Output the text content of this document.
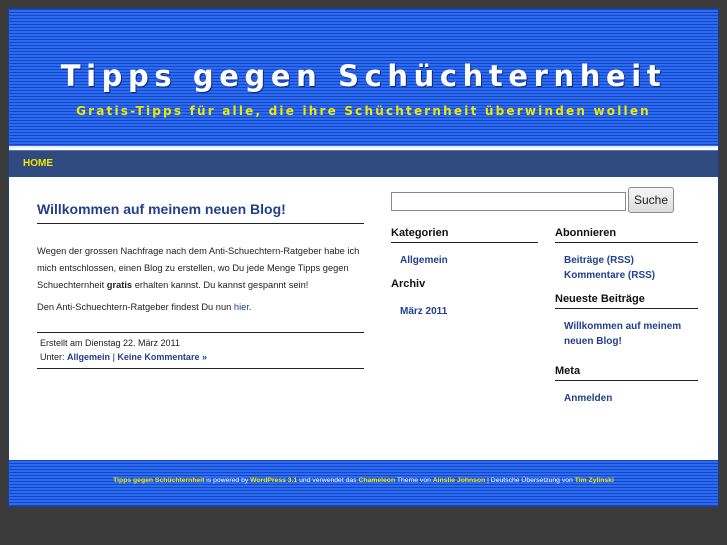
Tipps gegen Schüchternheit
Gratis-Tipps für alle, die ihre Schüchternheit überwinden wollen
HOME
Willkommen auf meinem neuen Blog!

Wegen der grossen Nachfrage nach dem Anti-Schuechtern-Ratgeber habe ich mich entschlossen, einen Blog zu erstellen, wo Du jede Menge Tipps gegen Schuechternheit gratis erhalten kannst. Du kannst gespannt sein!

Den Anti-Schuechtern-Ratgeber findest Du nun hier.

Erstellt am Dienstag 22. März 2011
Unter: Allgemein | Keine Kommentare »
Suche
Kategorien
Allgemein
Archiv
März 2011
Abonnieren
Beiträge (RSS)
Kommentare (RSS)
Neueste Beiträge
Willkommen auf meinem neuen Blog!
Meta
Anmelden
Tipps gegen Schüchternheit is powered by WordPress 3.1 und verwendet das Chameleon Theme von Ainslie Johnson | Deutsche Übersetzung von Tim Zylinski
